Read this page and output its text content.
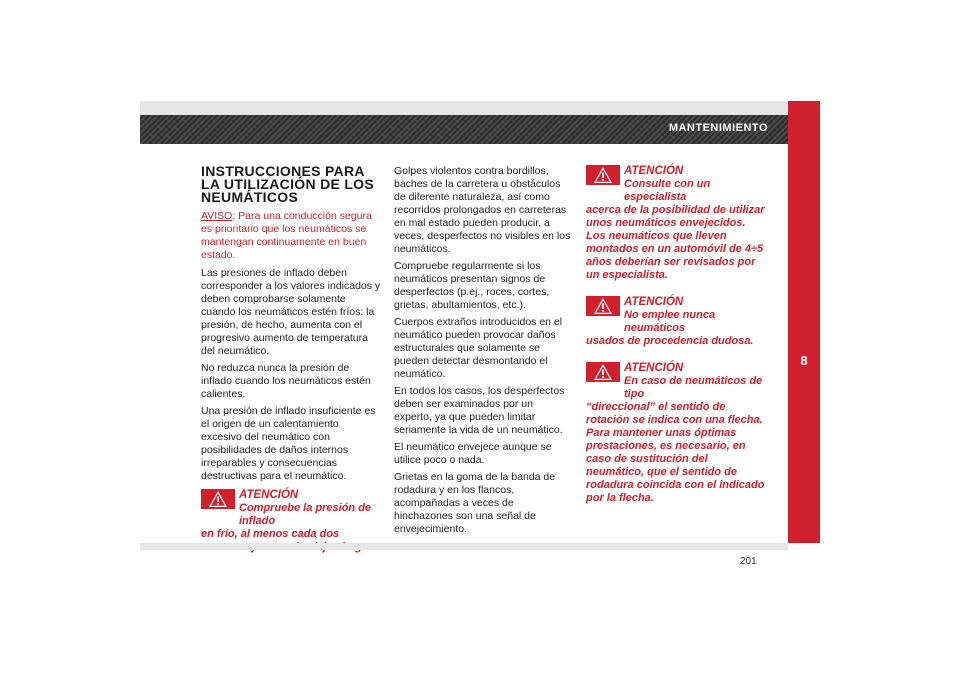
MANTENIMIENTO
8
INSTRUCCIONES PARA LA UTILIZACIÓN DE LOS NEUMÁTICOS
AVISO: Para una conducción segura es prioritario que los neumáticos se mantengan continuamente en buen estado.

Las presiones de inflado deben corresponder a los valores indicados y deben comprobarse solamente cuando los neumáticos estén fríos: la presión, de hecho, aumenta con el progresivo aumento de temperatura del neumático.

No reduzca nunca la presión de inflado cuando los neumáticos estén calientes.

Una presión de inflado insuficiente es el origen de un calentamiento excesivo del neumático con posibilidades de daños internos irreparables y consecuencias destructivas para el neumático.

ATENCIÓN
Compruebe la presión de inflado
en frío, al menos cada dos

Golpes violentos contra bordillos, baches de la carretera u obstáculos de diferente naturaleza, así como recorridos prolongados en carreteras en mal estado pueden producir, a veces, desperfectos no visibles en los neumáticos.

Compruebe regularmente si los neumáticos presentan signos de desperfectos (p.ej., roces, cortes, grietas, abultamientos, etc.).

Cuerpos extraños introducidos en el neumático pueden provocar daños estructurales que solamente se pueden detectar desmontando el neumático.

En todos los casos, los desperfectos deben ser examinados por un experto, ya que pueden limitar seriamente la vida de un neumático.

El neumático envejece aunque se utilice poco o nada.

Grietas en la goma de la banda de rodadura y en los flancos, acompañadas a veces de hinchazones son una señal de envejecimiento.

ATENCIÓN
Consulte con un especialista
acerca de la posibilidad de utilizar unos neumáticos envejecidos. Los neumáticos que lleven montados en un automóvil de 4÷5 años deberían ser revisados por un especialista.
ATENCIÓN
No emplee nunca neumáticos
usados de procedencia dudosa.
ATENCIÓN
En caso de neumáticos de tipo
“direccional” el sentido de rotación se indica con una flecha. Para mantener unas óptimas prestaciones, es necesario, en caso de sustitución del neumático, que el sentido de rodadura coincida con el indicado por la flecha.
201
